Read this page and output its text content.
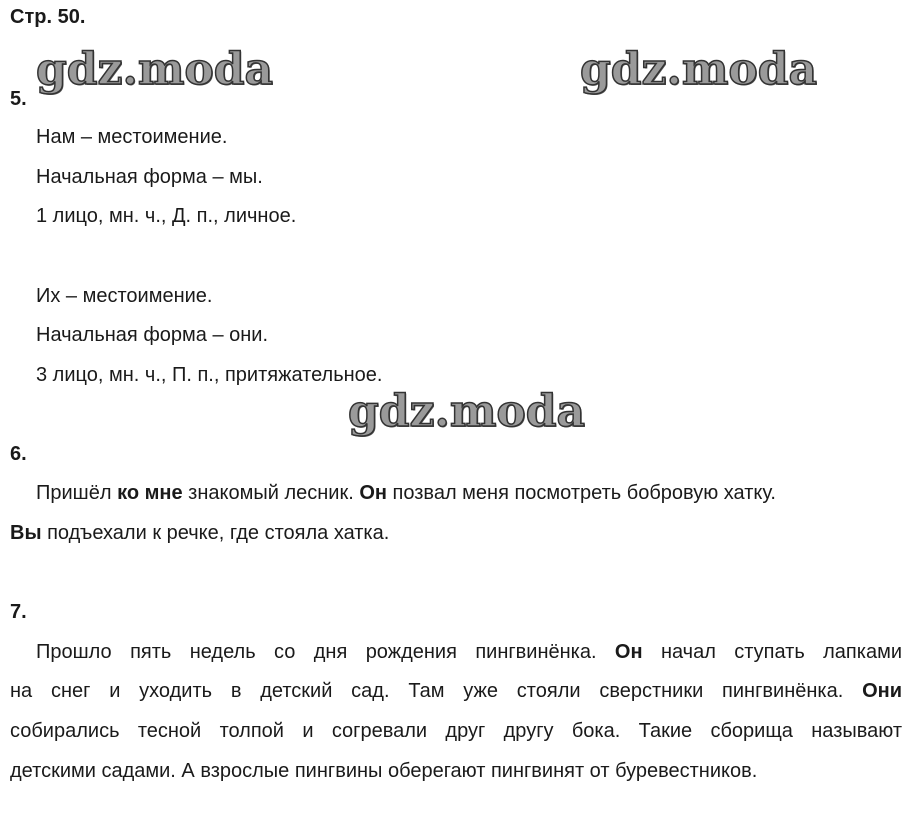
Стр. 50.
gdz.moda	gdz.moda
gdz.moda
5.
Нам – местоимение.
Начальная форма – мы.
1 лицо, мн. ч., Д. п., личное.
Их – местоимение.
Начальная форма – они.
3 лицо, мн. ч., П. п., притяжательное.
6.
Пришёл ко мне знакомый лесник. Он позвал меня посмотреть бобровую хатку.
Вы подъехали к речке, где стояла хатка.
7.
Прошло пять недель со дня рождения пингвинёнка. Он начал ступать лапками
на снег и уходить в детский сад. Там уже стояли сверстники пингвинёнка. Они
собирались тесной толпой и согревали друг другу бока. Такие сборища называют
детскими садами. А взрослые пингвины оберегают пингвинят от буревестников.
